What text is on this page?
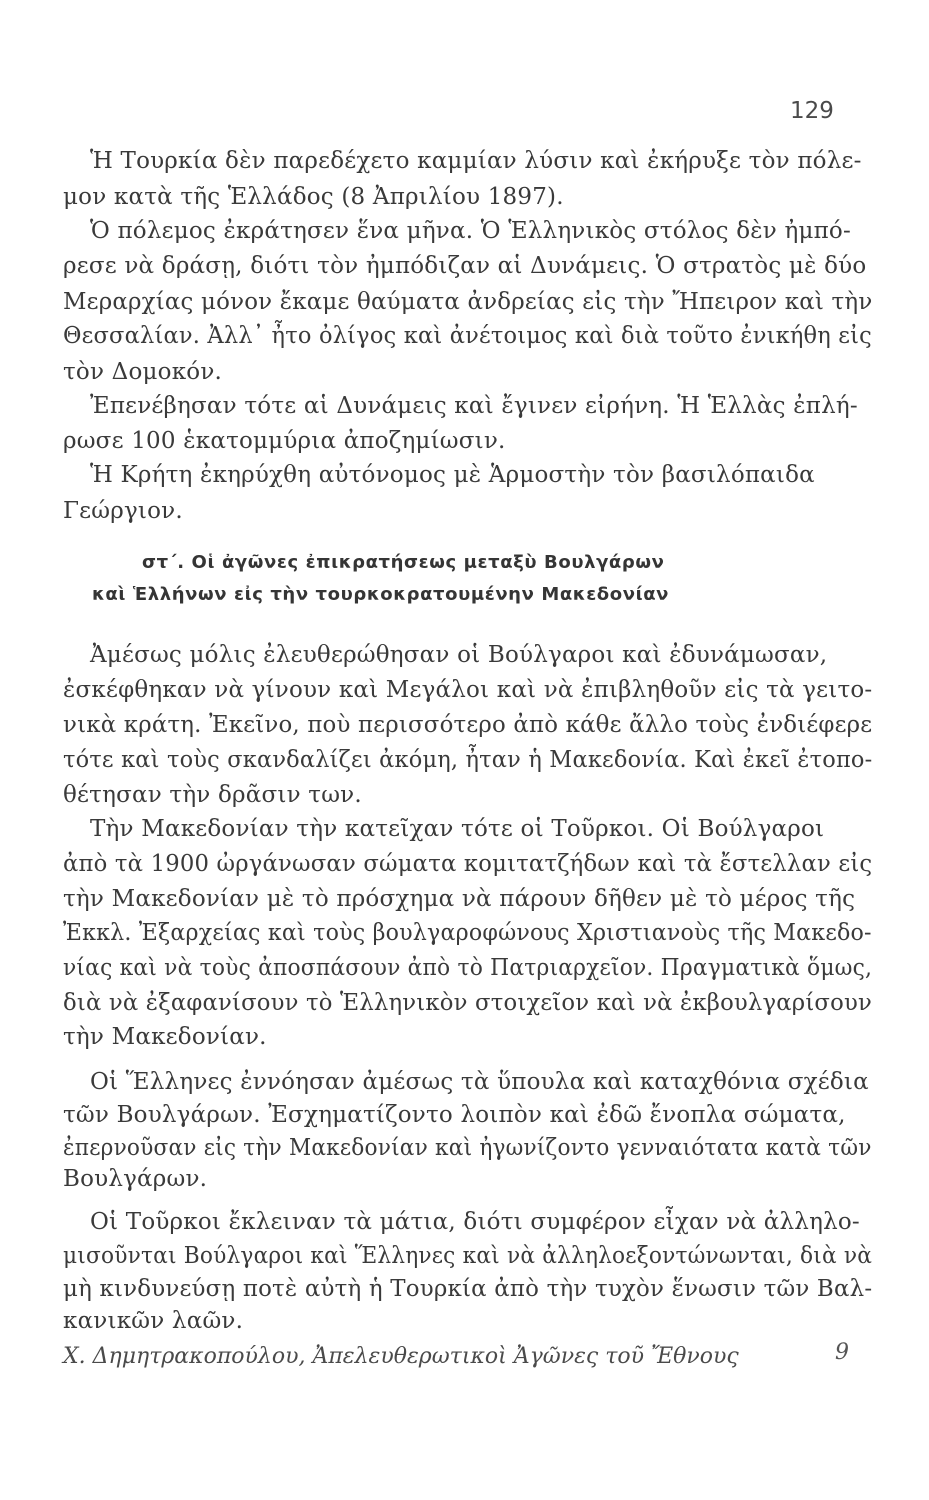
129
Ἡ Τουρκία δὲν παρεδέχετο καμμίαν λύσιν καὶ ἐκήρυξε τὸν πόλε-
μον κατὰ τῆς Ἑλλάδος (8 Ἀπριλίου 1897).
Ὁ πόλεμος ἐκράτησεν ἕνα μῆνα. Ὁ Ἑλληνικὸς στόλος δὲν ἠμπό-
ρεσε νὰ δράσῃ, διότι τὸν ἠμπόδιζαν αἱ Δυνάμεις. Ὁ στρατὸς μὲ δύο
Μεραρχίας μόνον ἔκαμε θαύματα ἀνδρείας εἰς τὴν Ἤπειρον καὶ τὴν
Θεσσαλίαν. Ἀλλ᾽ ἦτο ὀλίγος καὶ ἀνέτοιμος καὶ διὰ τοῦτο ἐνικήθη εἰς
τὸν Δομοκόν.
Ἐπενέβησαν τότε αἱ Δυνάμεις καὶ ἔγινεν εἰρήνη. Ἡ Ἑλλὰς ἐπλή-
ρωσε 100 ἑκατομμύρια ἀποζημίωσιν.
Ἡ Κρήτη ἐκηρύχθη αὐτόνομος μὲ Ἁρμοστὴν τὸν βασιλόπαιδα
Γεώργιον.
στ΄. Οἱ ἀγῶνες ἐπικρατήσεως μεταξὺ Βουλγάρων
καὶ Ἑλλήνων εἰς τὴν τουρκοκρατουμένην Μακεδονίαν
Ἀμέσως μόλις ἐλευθερώθησαν οἱ Βούλγαροι καὶ ἐδυνάμωσαν,
ἐσκέφθηκαν νὰ γίνουν καὶ Μεγάλοι καὶ νὰ ἐπιβληθοῦν εἰς τὰ γειτο-
νικὰ κράτη. Ἐκεῖνο, ποὺ περισσότερο ἀπὸ κάθε ἄλλο τοὺς ἐνδιέφερε
τότε καὶ τοὺς σκανδαλίζει ἀκόμη, ἦταν ἡ Μακεδονία. Καὶ ἐκεῖ ἐτοπο-
θέτησαν τὴν δρᾶσιν των.
Τὴν Μακεδονίαν τὴν κατεῖχαν τότε οἱ Τοῦρκοι. Οἱ Βούλγαροι
ἀπὸ τὰ 1900 ὠργάνωσαν σώματα κομιτατζήδων καὶ τὰ ἔστελλαν εἰς
τὴν Μακεδονίαν μὲ τὸ πρόσχημα νὰ πάρουν δῆθεν μὲ τὸ μέρος τῆς
Ἐκκλ. Ἐξαρχείας καὶ τοὺς βουλγαροφώνους Χριστιανοὺς τῆς Μακεδο-
νίας καὶ νὰ τοὺς ἀποσπάσουν ἀπὸ τὸ Πατριαρχεῖον. Πραγματικὰ ὅμως,
διὰ νὰ ἐξαφανίσουν τὸ Ἑλληνικὸν στοιχεῖον καὶ νὰ ἐκβουλγαρίσουν
τὴν Μακεδονίαν.
Οἱ Ἕλληνες ἐννόησαν ἀμέσως τὰ ὕπουλα καὶ καταχθόνια σχέδια
τῶν Βουλγάρων. Ἐσχηματίζοντο λοιπὸν καὶ ἐδῶ ἔνοπλα σώματα,
ἐπερνοῦσαν εἰς τὴν Μακεδονίαν καὶ ἠγωνίζοντο γενναιότατα κατὰ τῶν
Βουλγάρων.
Οἱ Τοῦρκοι ἔκλειναν τὰ μάτια, διότι συμφέρον εἶχαν νὰ ἀλληλο-
μισοῦνται Βούλγαροι καὶ Ἕλληνες καὶ νὰ ἀλληλοεξοντώνωνται, διὰ νὰ
μὴ κινδυνεύσῃ ποτὲ αὐτὴ ἡ Τουρκία ἀπὸ τὴν τυχὸν ἕνωσιν τῶν Βαλ-
κανικῶν λαῶν.
Χ. Δημητρακοπούλου, Ἀπελευθερωτικοὶ Ἀγῶνες τοῦ Ἔθνους	9
